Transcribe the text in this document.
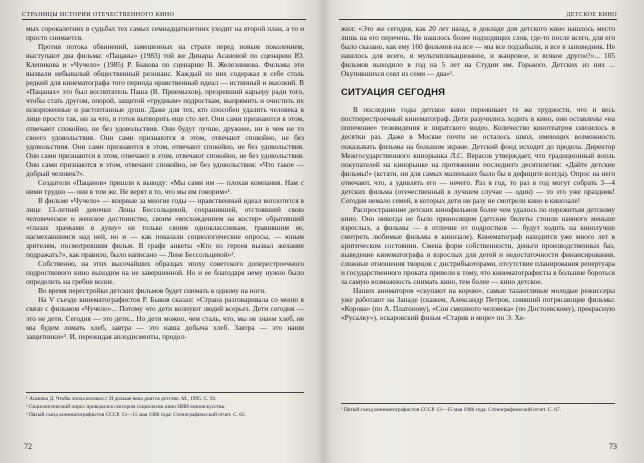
СТРАНИЦЫ ИСТОРИИ ОТЕЧЕСТВЕННОГО КИНО

мых сорокалетних в судьбах тех самых семнадцатилетних уходит на второй план, а то и просто снимается.

Против потока обвинений, замешенных на страхе перед новым поколением, выступают два фильма: «Пацаны» (1983) той же Динары Асановой по сценарию Ю. Клепикова и «Чучело» (1985) Р. Быкова по сценарию В. Железникова. Фильмы эти вызвали небывалый общественный резонанс. Каждый из них содержал в себе столь редкий для кинематографа того периода нравственный идеал — истинный и высокий. В «Пацанах» это был воспитатель Паша (В. Приемыхов), презревший карьеру ради того, чтобы стать другом, опорой, защитой «трудным» подросткам, выпрямить и очистить их искореженные и растоптанные души. Даже для тех, кто способен удалить человека в лице просто так, ни за что, и готов вытворить еще сто лет. Они сами признаются в этом, отвечают спокойно, не без удовольствия. Они будут лучше, дружнее, ни в чем не то своего удовольствия. Они сами признаются в этом, отвечают спокойно, не без удовольствия. Они сами признаются в этом, отвечают спокойно, не без удовольствия. Они сами признаются в этом, отвечают в этом, отвечают спокойно, не без удовольствия. Они сами признаются в этом, отвечают спокойно, не без удовольствия: «Что такое — добрый человек?».

Создатели «Пацанов» пришли к выводу: «Мы сами им — плохая компания. Нам с ними трудно — они в том же. Не верят в то, что мы им говорим»¹.

В фильме «Чучело» — впервые за многие годы — нравственный идеал воплотится в лице 13-летней девочки Лены Бессольцевой, сохранившей, отстоявшей свою человеческое и женское достоинство, своим «восхождением на костер» обративший «глазах зрачками в душу» не только своим одноклассникам, травившим ее, насмехавшимся над ней, но и — как показали социологические опросы, — юным зрителям, посмотревшим фильм. В графе анкеты «Кто из героев вызвал желание подражать?», как правило, было написано — Лене Бессольцевой»².

Собственно, на этих высочайших образцах эпоху советского доперестроечного подросткового кино выходим на не завершенной. Но и ее благодаря нему нужно было определить на гребне волне.

Во время перестройки детских фильмов будет снимать в одному на ноги.

На V съезде кинематографистов Р. Быков сказал: «Страна разговаривала со мною в связи с фильмом «Чучело»... Потому что дети волнуют людей всерьез. Дети сегодня — это не дети. Сегодня — это дети... Но дети можно, чем сталь, что, мы не знаем хлеб, не мы будем ломать хлеб, завтра — это наша добыча хлеб. Завтра — это наши защитники»³. И, пережидая аплодисменты, продол-

¹ Асанова Д. Чтобы эпоха козокол.// И дольше века длится детство. М., 1995. С. 93.
² Социологический опрос проводился сектором социологии кино НИИ киноискусства.
³ Пятый съезд кинематографистов СССР. 13—15 мая 1986 года: Стенографический отчет. С. 65.
72
ДЕТСКОЕ КИНО

жил: «Это же сегодня, как 20 лет назад, в докладе для детского кино нашлось место лишь на его перечень. Не нашлось более подходящих слов, где-то после всего, для его было сказано, как ему 160 фильмов на все — мы все подзабыли, и все в заповедник. Не нашлось для всего, и мультипликационное, и жанровое, и всякое другое?»... 105 фильмов выходило в год на 5 лет на Студии им. Горького. Детских из них ... Окупившихся сеял из семи — два»¹.

СИТУАЦИЯ СЕГОДНЯ

В последние годы детское кино переживает те же трудности, что и весь постперестроечный кинематограф. Дети разучились ходить в кино, они оставлены «на попечение» телевидения и пиратского видео. Количество кинотеатров снизилось в десятки раз. Даже в Москве почти не осталось школ, имеющих возможность показывать фильмы на большом экране. Детский фонд исходит до предела. Директор Межгосударственного кинорынка Л.С. Верасов утверждает, что традиционный вопль покупателей на кинорынке на протяжении последнего десятилетия: «Дайте детские фильмы!» (кстати, ни для самых маленьких было бы в дефиците всегда). Опрос на него отвечают, что, а удивлять его — нечего. Раз в год, то раз в год могут собрать 3—4 детских фильма (отечественный в лучшем случае — один) — то это уже праздник! Сегодня немало семей, в которых дети ни разу не смотрели кино в кинозале!

Распространение детских кинофильмов более чем удалось по пережитым детскому кино. Оно никогда не было приносящим (детские билеты стоили намного меньше взрослых, а фильмы — в отличие от подростков — будут ходить на кинолучше смотреть любимые фильмы в кинозале). Кинематограф находится уже много лет в критическом состоянии. Смена форм собственности, деньги производственных баз, выведение кинематографа и взрослых для детей и недостаточности финансирования, сложные отношения творцов с дистрибьюторами, отсутствие планирования репертуара и государственного проката привели к тому, что кинематографисты в большие бороться за самую возможность снимать кино, тем более — кино детское.

Наших аниматоров «скупают на корню», самые талантливые молодые режиссеры уже работают на Западе (скажем, Александр Петров, снявший потрясающие фильмы: «Корова» (по А. Платонову), «Сон смешного человека» (по Достоевскому), прекрасную «Русалку»), оскаровский фильм «Старик и море» по Э. Хе-

¹ Пятый съезд кинематографистов СССР. 13—15 мая 1986 года: Стенографический отчет. С. 67.
73
